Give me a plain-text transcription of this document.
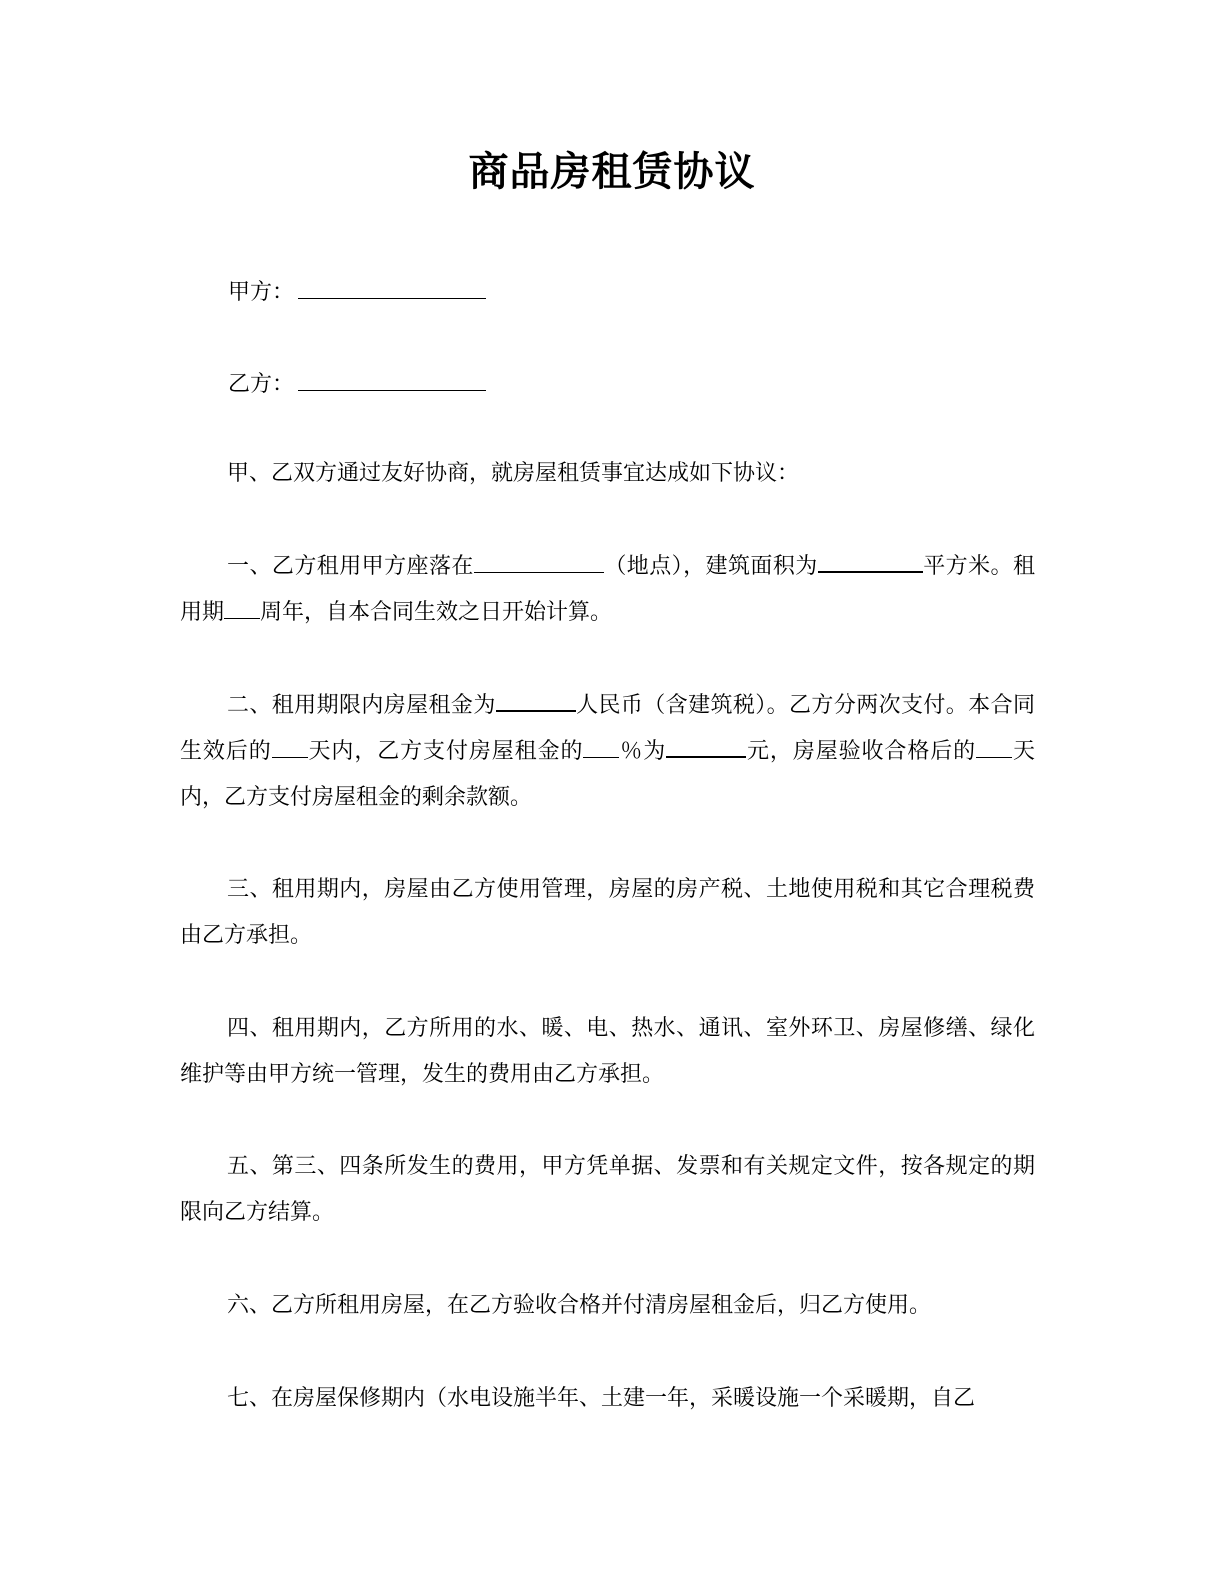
商品房租赁协议
甲方：
乙方：
甲、乙双方通过友好协商，就房屋租赁事宜达成如下协议：
一、乙方租用甲方座落在	（地点），建筑面积为	平方米。租用期 周年，自本合同生效之日开始计算。
二、租用期限内房屋租金为	人民币（含建筑税）。乙方分两次支付。本合同生效后的 天内，乙方支付房屋租金的 ％为	元，房屋验收合格后的 天内，乙方支付房屋租金的剩余款额。
三、租用期内，房屋由乙方使用管理，房屋的房产税、土地使用税和其它合理税费由乙方承担。
四、租用期内，乙方所用的水、暖、电、热水、通讯、室外环卫、房屋修缮、绿化维护等由甲方统一管理，发生的费用由乙方承担。
五、第三、四条所发生的费用，甲方凭单据、发票和有关规定文件，按各规定的期限向乙方结算。
六、乙方所租用房屋，在乙方验收合格并付清房屋租金后，归乙方使用。
七、在房屋保修期内（水电设施半年、土建一年，采暖设施一个采暖期，自乙
